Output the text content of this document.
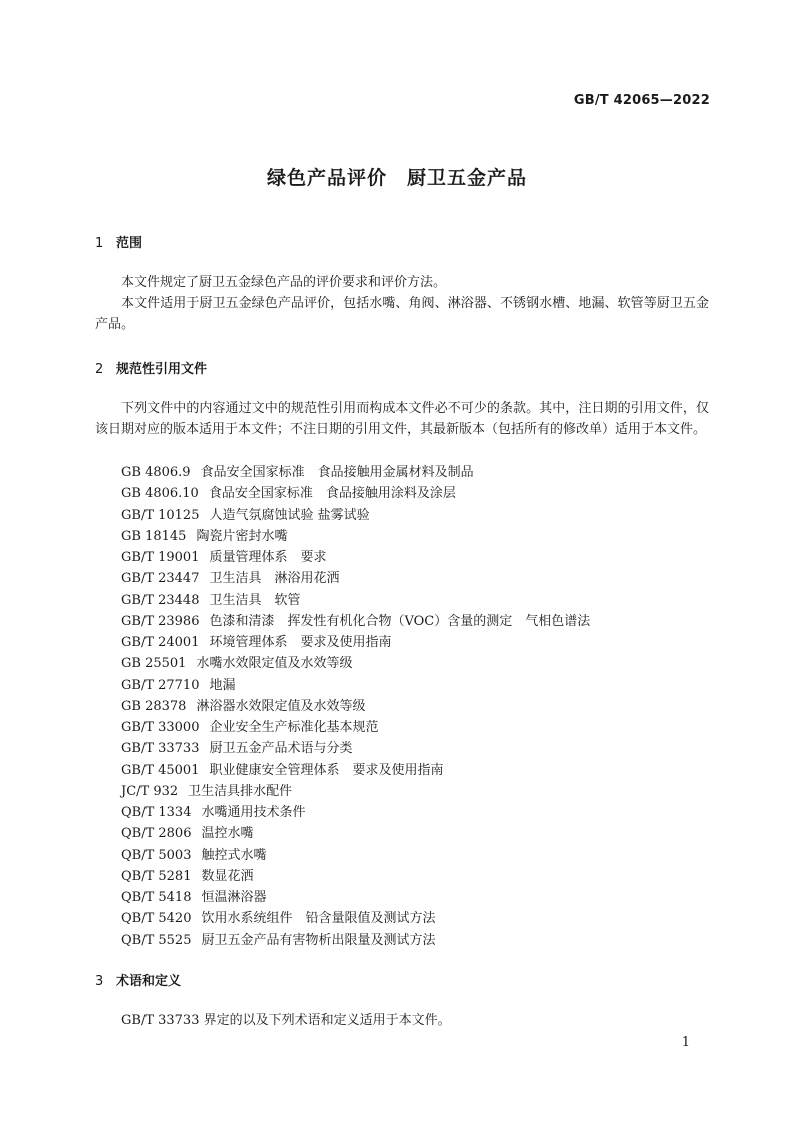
GB/T 42065—2022
绿色产品评价　厨卫五金产品
1 范围

本文件规定了厨卫五金绿色产品的评价要求和评价方法。

本文件适用于厨卫五金绿色产品评价，包括水嘴、角阀、淋浴器、不锈钢水槽、地漏、软管等厨卫五金产品。

2 规范性引用文件

下列文件中的内容通过文中的规范性引用而构成本文件必不可少的条款。其中，注日期的引用文件，仅该日期对应的版本适用于本文件；不注日期的引用文件，其最新版本（包括所有的修改单）适用于本文件。

GB 4806.9 食品安全国家标准　食品接触用金属材料及制品
GB 4806.10 食品安全国家标准　食品接触用涂料及涂层
GB/T 10125 人造气氛腐蚀试验 盐雾试验
GB 18145 陶瓷片密封水嘴
GB/T 19001 质量管理体系　要求
GB/T 23447 卫生洁具　淋浴用花洒
GB/T 23448 卫生洁具　软管
GB/T 23986 色漆和清漆　挥发性有机化合物（VOC）含量的测定　气相色谱法
GB/T 24001 环境管理体系　要求及使用指南
GB 25501 水嘴水效限定值及水效等级
GB/T 27710 地漏
GB 28378 淋浴器水效限定值及水效等级
GB/T 33000 企业安全生产标准化基本规范
GB/T 33733 厨卫五金产品术语与分类
GB/T 45001 职业健康安全管理体系　要求及使用指南
JC/T 932 卫生洁具排水配件
QB/T 1334 水嘴通用技术条件
QB/T 2806 温控水嘴
QB/T 5003 触控式水嘴
QB/T 5281 数显花洒
QB/T 5418 恒温淋浴器
QB/T 5420 饮用水系统组件　铅含量限值及测试方法
QB/T 5525 厨卫五金产品有害物析出限量及测试方法
3 术语和定义

GB/T 33733 界定的以及下列术语和定义适用于本文件。

1
